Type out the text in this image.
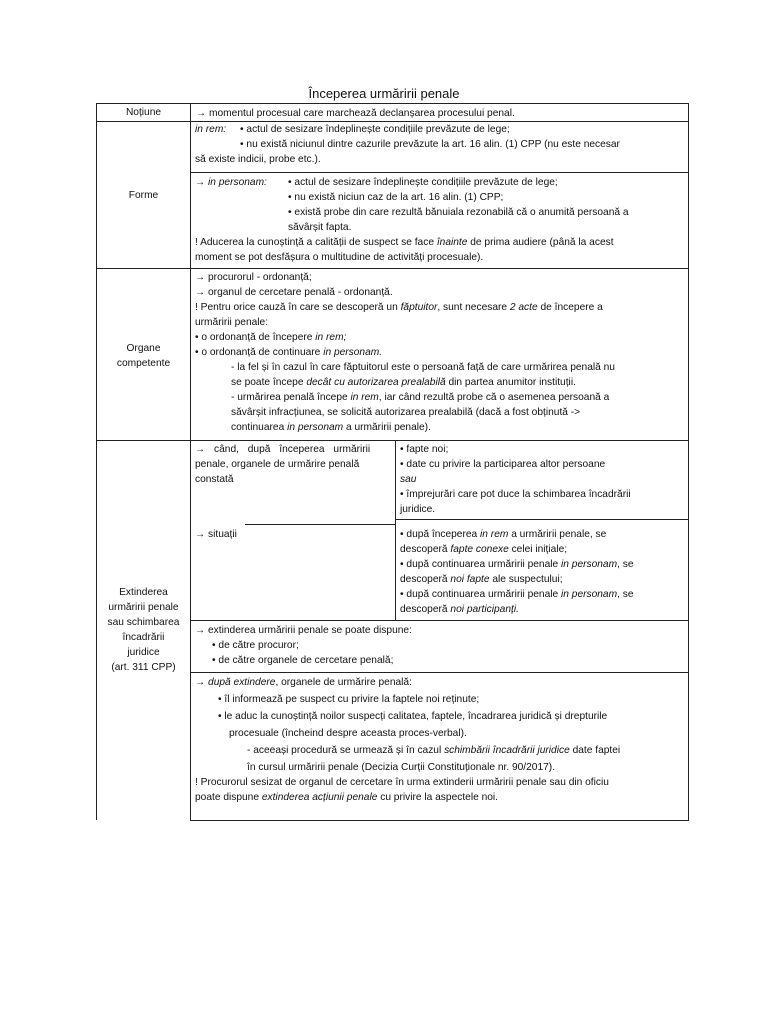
Începerea urmăririi penale
Noțiune	→ momentul procesual care marchează declanșarea procesului penal.
Forme
in rem: • actul de sesizare îndeplinește condițiile prevăzute de lege;
• nu există niciunul dintre cazurile prevăzute la art. 16 alin. (1) CPP (nu este necesar
să existe indicii, probe etc.).
→ in personam: • actul de sesizare îndeplinește condițiile prevăzute de lege;
• nu există niciun caz de la art. 16 alin. (1) CPP;
• există probe din care rezultă bănuiala rezonabilă că o anumită persoană a
săvârșit fapta.
! Aducerea la cunoștință a calității de suspect se face înainte de prima audiere (până la acest
moment se pot desfășura o multitudine de activități procesuale).
Organe
competente
→ procurorul - ordonanță;
→ organul de cercetare penală - ordonanță.
! Pentru orice cauză în care se descoperă un făptuitor, sunt necesare 2 acte de începere a
urmăririi penale:
• o ordonanță de începere in rem;
• o ordonanță de continuare in personam.
- la fel și în cazul în care făptuitorul este o persoană față de care urmărirea penală nu
se poate începe decât cu autorizarea prealabilă din partea anumitor instituții.
- urmărirea penală începe in rem, iar când rezultă probe că o asemenea persoană a
săvârșit infracțiunea, se solicită autorizarea prealabilă (dacă a fost obținută ->
continuarea in personam a urmăririi penale).
Extinderea
urmăririi penale
sau schimbarea
încadrării
juridice
(art. 311 CPP)
→ când, după începerea urmăririi
penale, organele de urmărire penală
constată
• fapte noi;
• date cu privire la participarea altor persoane
sau
• împrejurări care pot duce la schimbarea încadrării
juridice.
→ situații	• după începerea in rem a urmăririi penale, se
descoperă fapte conexe celei inițiale;
• după continuarea urmăririi penale in personam, se
descoperă noi fapte ale suspectului;
• după continuarea urmăririi penale in personam, se
descoperă noi participanți.
→ extinderea urmăririi penale se poate dispune:
• de către procuror;
• de către organele de cercetare penală;
→ după extindere, organele de urmărire penală:
• îl informează pe suspect cu privire la faptele noi reținute;
• le aduc la cunoștință noilor suspecți calitatea, faptele, încadrarea juridică și drepturile
procesuale (încheind despre aceasta proces-verbal).
- aceeași procedură se urmează și în cazul schimbării încadrării juridice date faptei
în cursul urmăririi penale (Decizia Curții Constituționale nr. 90/2017).
! Procurorul sesizat de organul de cercetare în urma extinderii urmăririi penale sau din oficiu
poate dispune extinderea acțiunii penale cu privire la aspectele noi.
